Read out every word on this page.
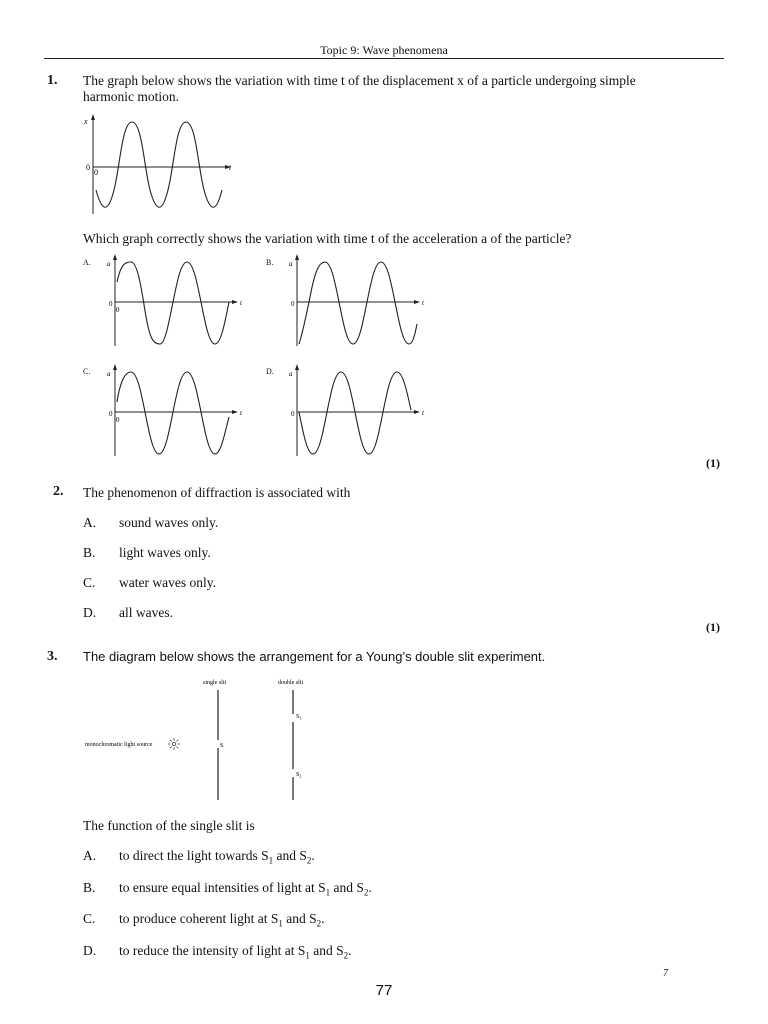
Topic 9: Wave phenomena
1. The graph below shows the variation with time t of the displacement x of a particle undergoing simple
harmonic motion.
x
t
0
0
Which graph correctly shows the variation with time t of the acceleration a of the particle?
A. a
t
0
0
B. a
t
0
C. a
t
0
0
D. a
t
0
(1)
2. The phenomenon of diffraction is associated with
A. sound waves only.
B. light waves only.
C. water waves only.
D. all waves.
(1)
3. The diagram below shows the arrangement for a Young’s double slit experiment.
single slit	double slit
S
$S_1$
$S_2$
monochromatic light source
The function of the single slit is
A. to direct the light towards $S_1$ and $S_2$.
B. to ensure equal intensities of light at $S_1$ and $S_2$.
C. to produce coherent light at $S_1$ and $S_2$.
D. to reduce the intensity of light at $S_1$ and $S_2$.
7
77
